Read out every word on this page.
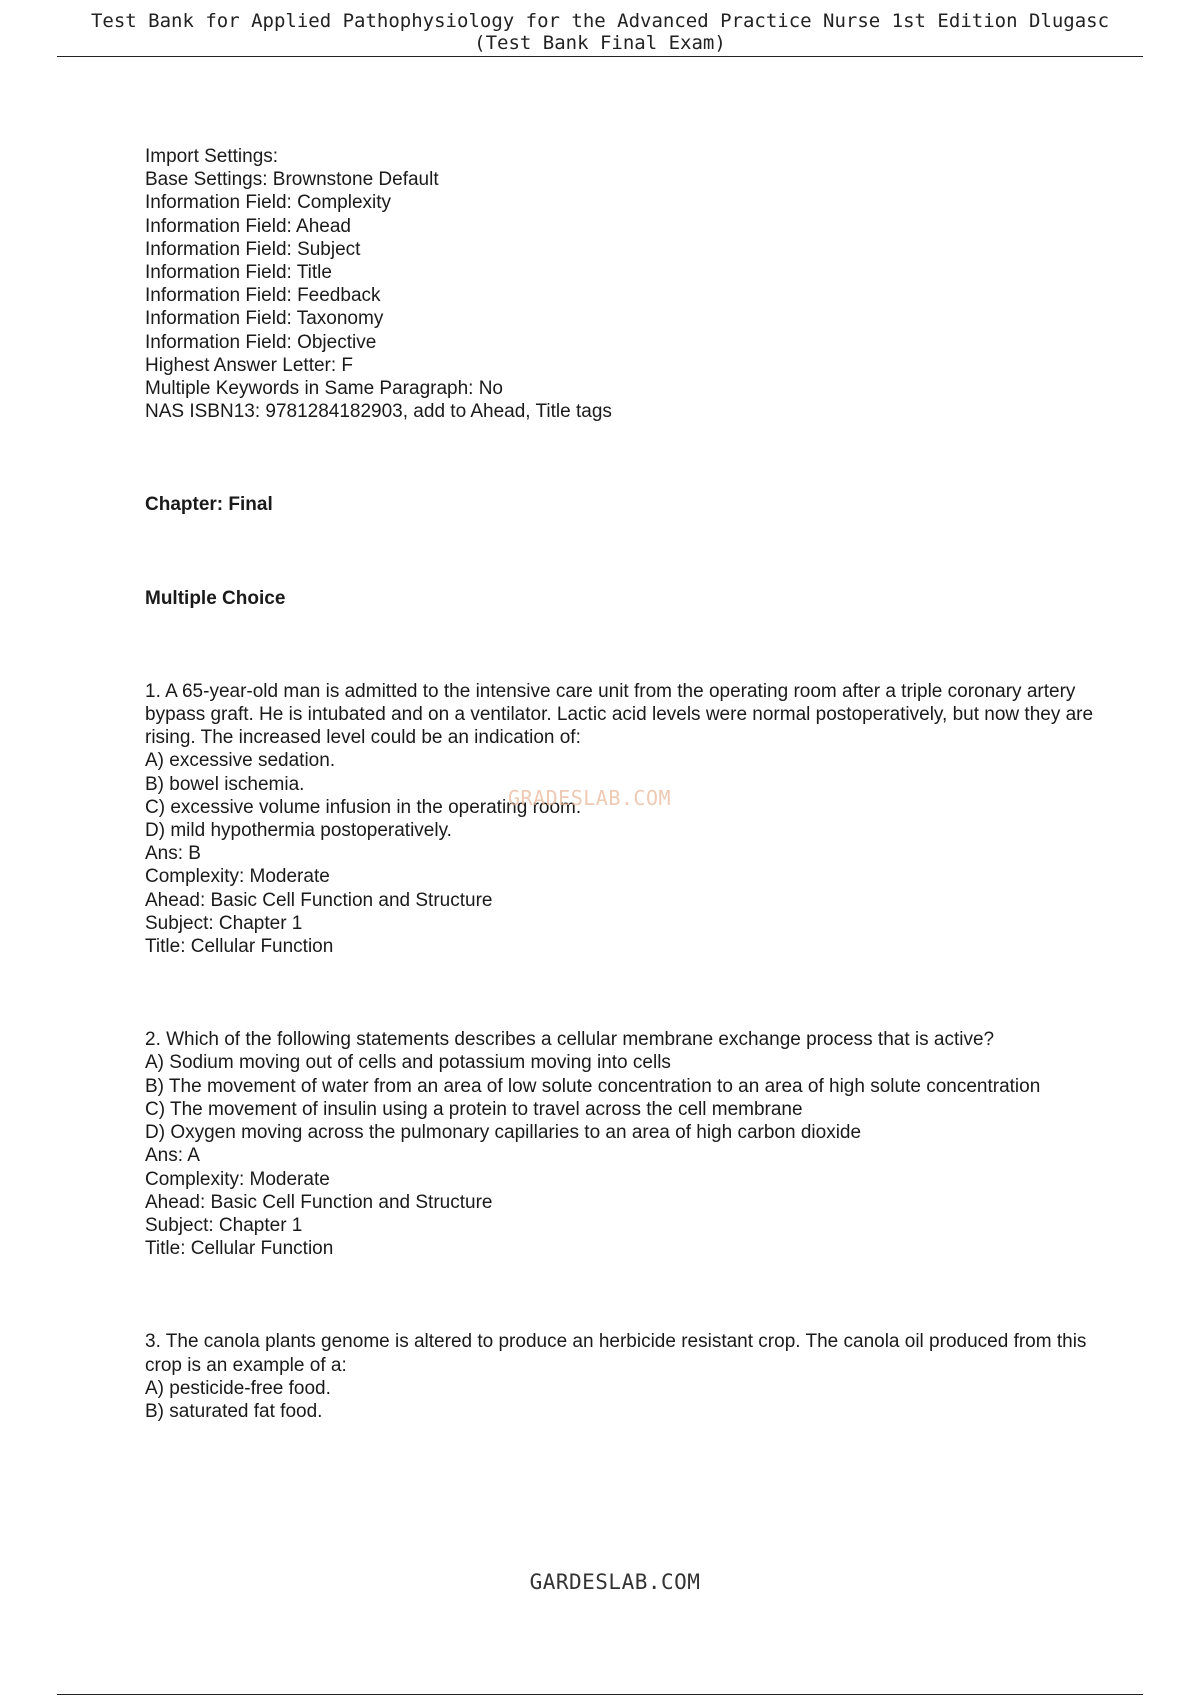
Test Bank for Applied Pathophysiology for the Advanced Practice Nurse 1st Edition Dlugasc
(Test Bank Final Exam)
Import Settings:
Base Settings: Brownstone Default
Information Field: Complexity
Information Field: Ahead
Information Field: Subject
Information Field: Title
Information Field: Feedback
Information Field: Taxonomy
Information Field: Objective
Highest Answer Letter: F
Multiple Keywords in Same Paragraph: No
NAS ISBN13: 9781284182903, add to Ahead, Title tags
Chapter: Final
Multiple Choice
1. A 65-year-old man is admitted to the intensive care unit from the operating room after a triple coronary artery bypass graft. He is intubated and on a ventilator. Lactic acid levels were normal postoperatively, but now they are rising. The increased level could be an indication of:
A) excessive sedation.
B) bowel ischemia.
C) excessive volume infusion in the operating room.
D) mild hypothermia postoperatively.
Ans: B
Complexity: Moderate
Ahead: Basic Cell Function and Structure
Subject: Chapter 1
Title: Cellular Function
2. Which of the following statements describes a cellular membrane exchange process that is active?
A) Sodium moving out of cells and potassium moving into cells
B) The movement of water from an area of low solute concentration to an area of high solute concentration
C) The movement of insulin using a protein to travel across the cell membrane
D) Oxygen moving across the pulmonary capillaries to an area of high carbon dioxide
Ans: A
Complexity: Moderate
Ahead: Basic Cell Function and Structure
Subject: Chapter 1
Title: Cellular Function
3. The canola plants genome is altered to produce an herbicide resistant crop. The canola oil produced from this crop is an example of a:
A) pesticide-free food.
B) saturated fat food.
GRADESLAB.COM
GARDESLAB.COM
